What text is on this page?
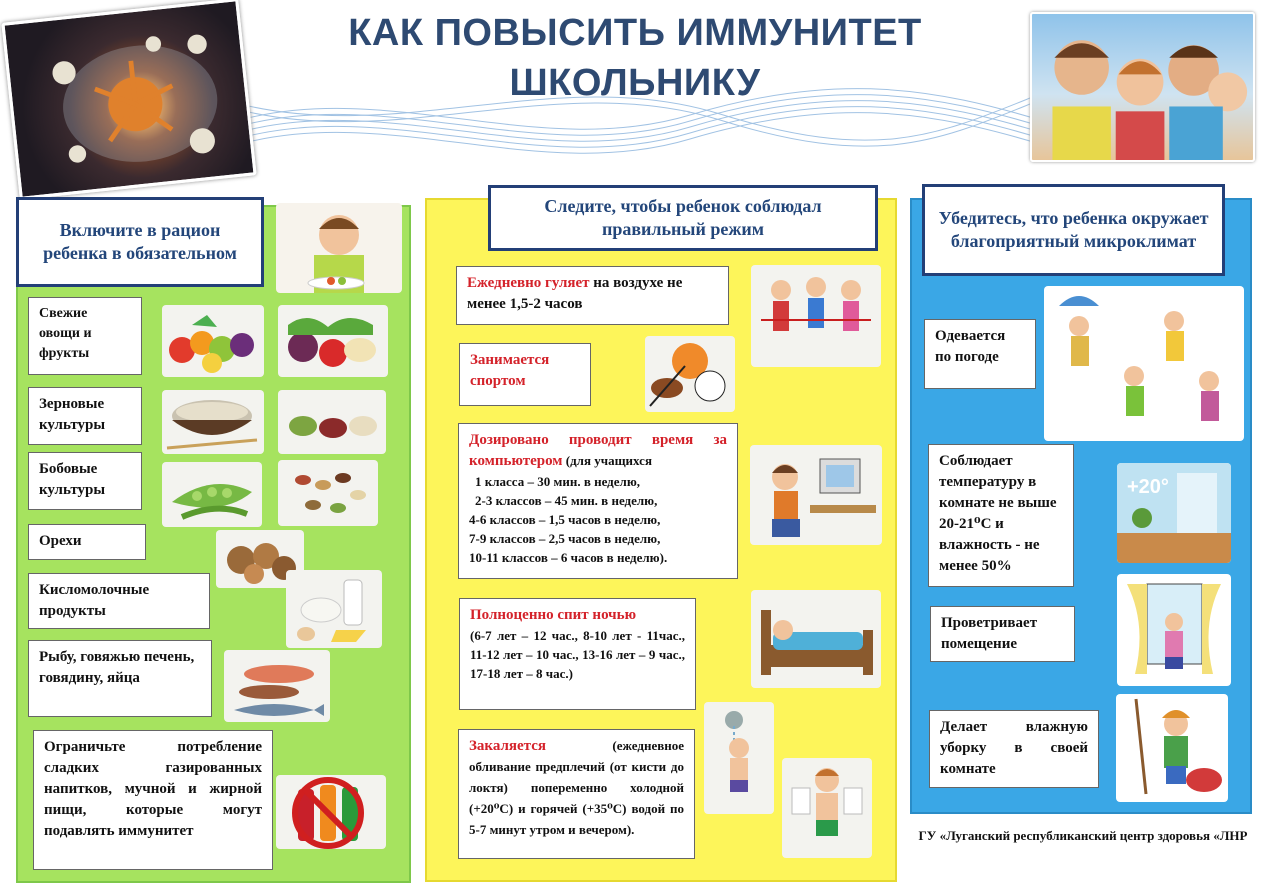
КАК ПОВЫСИТЬ ИММУНИТЕТ
ШКОЛЬНИКУ
Включите в рацион ребенка в обязательном
Следите, чтобы ребенок соблюдал правильный режим
Убедитесь, что ребенка окружает благоприятный микроклимат
Свежие овощи и фрукты
Зерновые культуры
Бобовые культуры
Орехи
Кисломолочные продукты
Рыбу, говяжью печень, говядину, яйца
Ограничьте потребление сладких газированных напитков, мучной и жирной пищи, которые могут подавлять иммунитет
Ежедневно гуляет на воздухе не менее 1,5-2 часов
Занимается спортом
Дозировано проводит время за компьютером (для учащихся
1 класса – 30 мин. в неделю,
2-3 классов – 45 мин. в неделю,
4-6 классов – 1,5 часов в неделю,
7-9 классов – 2,5 часов в неделю,
10-11 классов – 6 часов в неделю).
Полноценно спит ночью
(6-7 лет – 12 час., 8-10 лет - 11час., 11-12 лет – 10 час., 13-16 лет – 9 час., 17-18 лет – 8 час.)
Закаляется	(ежедневное обливание предплечий (от кисти до локтя) попеременно холодной (+20⁰С) и горячей (+35⁰С) водой по 5-7 минут утром и вечером).
Одевается по погоде
Соблюдает температуру в комнате не выше 20-21⁰С и влажность - не менее 50%
+20°
Проветривает помещение
Делает влажную уборку в своей комнате
ГУ «Луганский республиканский центр здоровья «ЛНР
